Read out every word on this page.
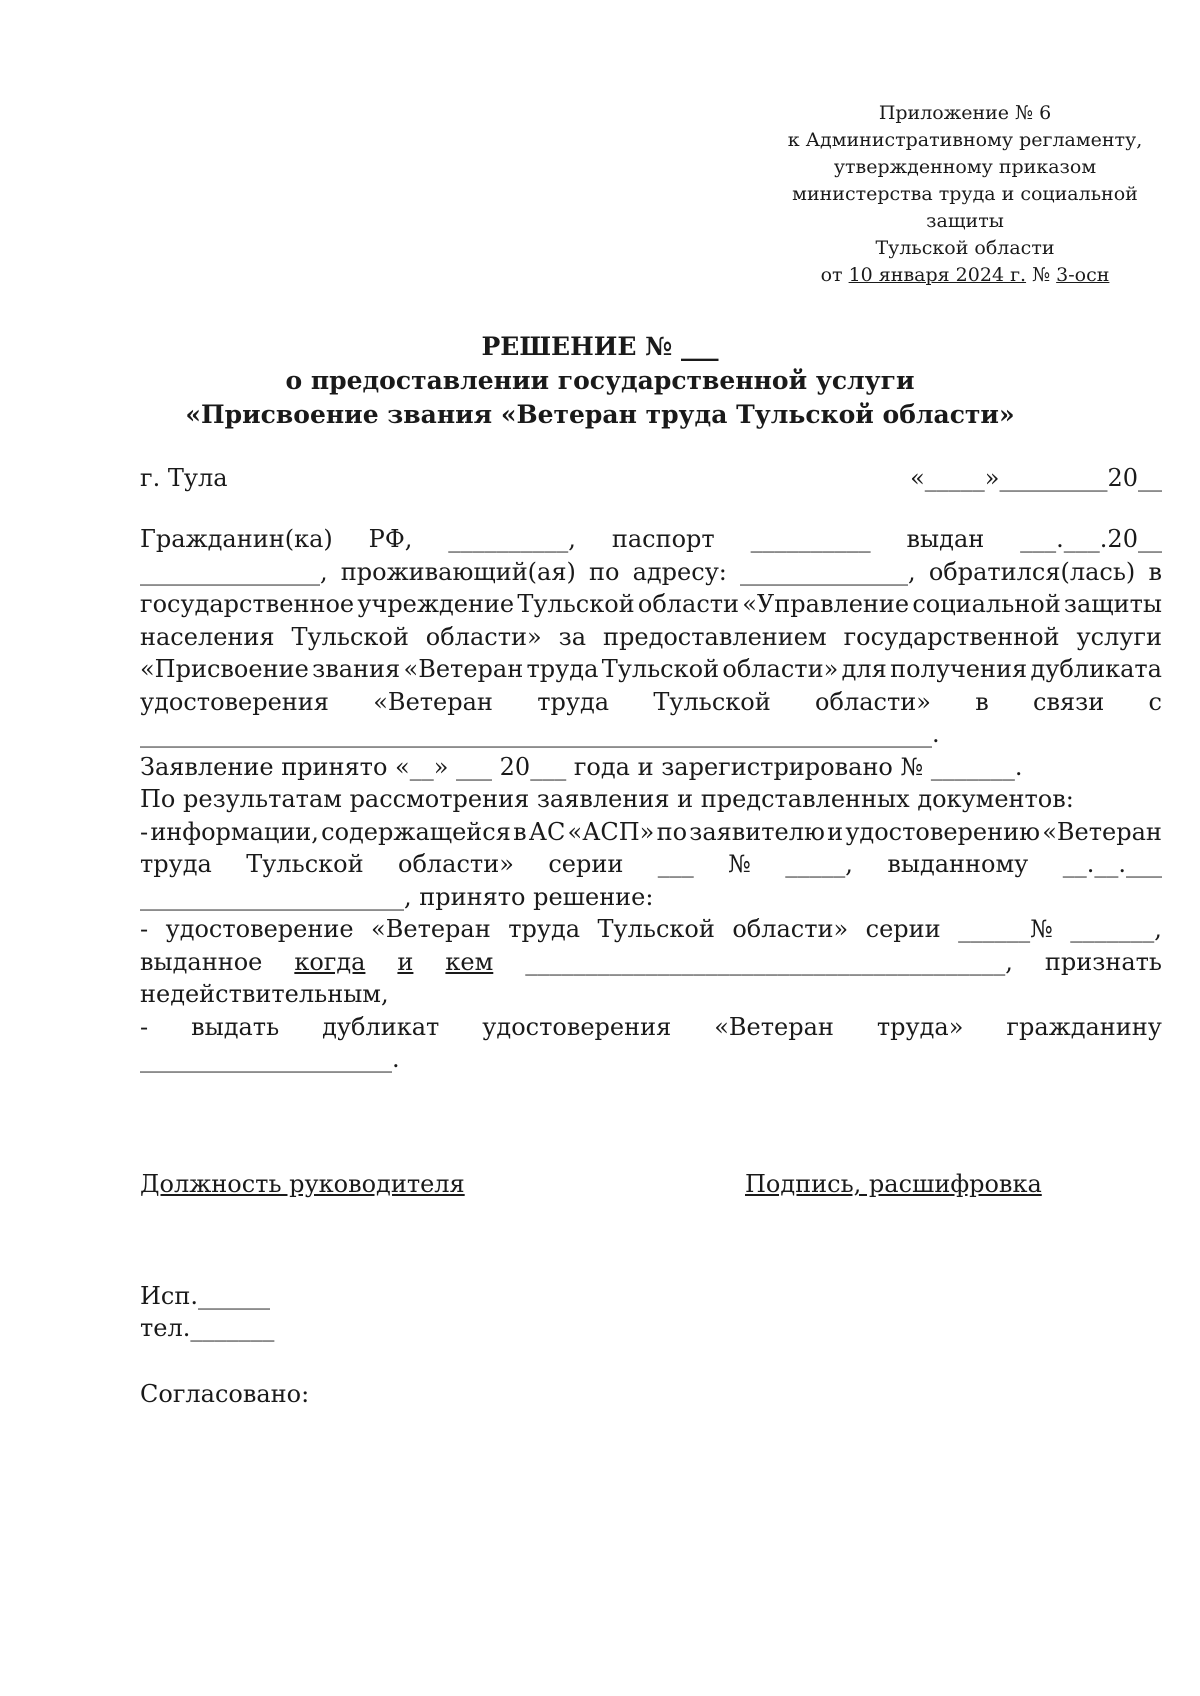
Приложение № 6
к Административному регламенту,
утвержденному приказом
министерства труда и социальной
защиты
Тульской области
от 10 января 2024 г. № 3-осн
РЕШЕНИЕ № ___
о предоставлении государственной услуги
«Присвоение звания «Ветеран труда Тульской области»
г. Тула	«_____»_________20__
Гражданин(ка) РФ, __________, паспорт __________ выдан ___.___.20__
_______________, проживающий(ая) по адресу: ______________, обратился(лась) в
государственное учреждение Тульской области «Управление социальной защиты
населения Тульской области» за предоставлением государственной услуги
«Присвоение звания «Ветеран труда Тульской области» для получения дубликата
удостоверения «Ветеран труда Тульской области» в связи с
__________________________________________________________________.
Заявление принято «__» ___ 20___ года и зарегистрировано № _______.
По результатам рассмотрения заявления и представленных документов:
- информации, содержащейся в АС «АСП» по заявителю и удостоверению «Ветеран
труда Тульской области» серии ___ № _____, выданному __.__.___
______________________, принято решение:
- удостоверение «Ветеран труда Тульской области» серии ______№ _______,
выданное когда и кем ________________________________________, признать
недействительным,
- выдать дубликат удостоверения «Ветеран труда» гражданину
_____________________.
Должность руководителя	Подпись, расшифровка
Исп.______
тел._______
Согласовано:
